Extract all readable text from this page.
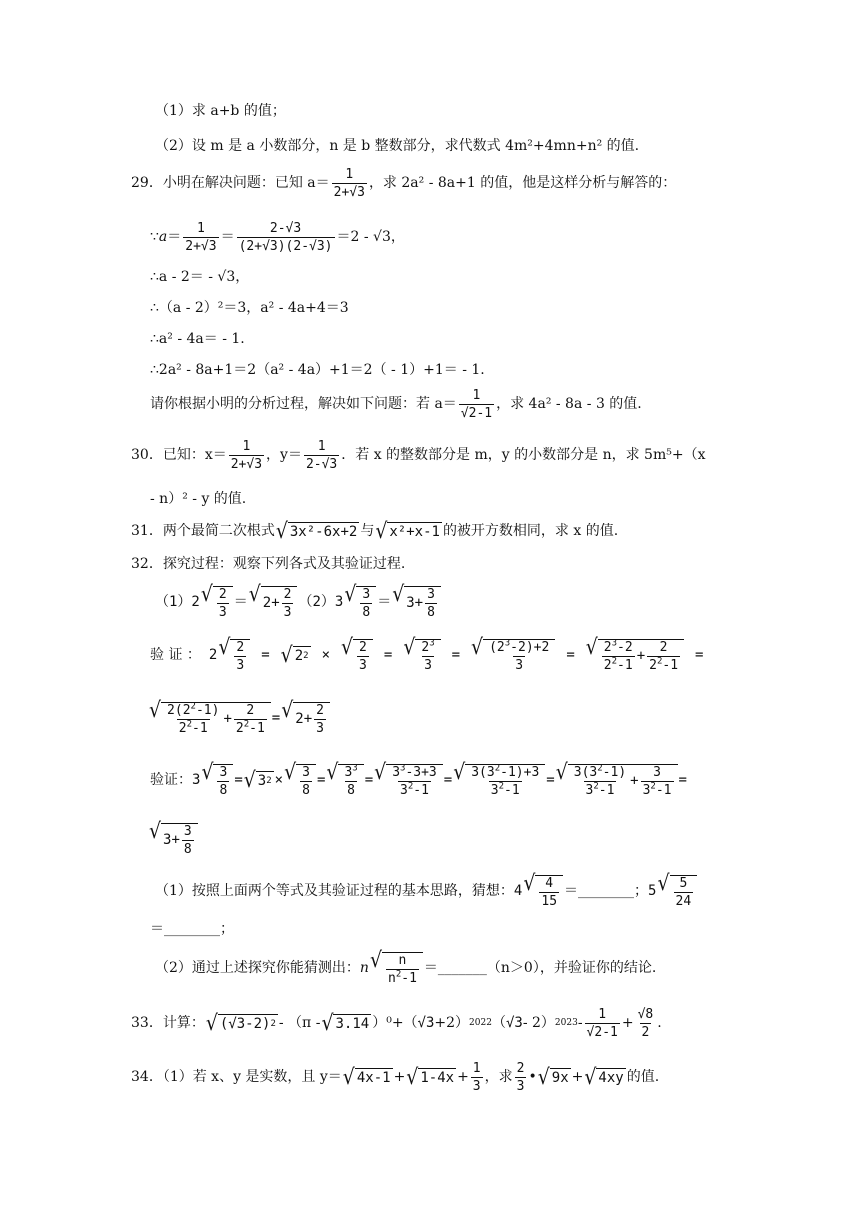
（1）求 a+b 的值；
（2）设 m 是 a 小数部分，n 是 b 整数部分，求代数式 4m²+4mn+n² 的值.
29．小明在解决问题：已知 $a= \frac{1}{2+√3}$ ，求 2a² - 8a+1 的值，他是这样分析与解答的：
∵a＝ $\frac{1}{2+√3} = \frac{2-√3}{(2+√3)(2-√3)} =2 - √3$，
∴a - 2＝ - √3，
∴（a - 2）²＝3，a² - 4a+4＝3
∴a² - 4a＝ - 1.
∴2a² - 8a+1＝2（a² - 4a）+1＝2（ - 1）+1＝ - 1.
请你根据小明的分析过程，解决如下问题：若 $a= \frac{1}{√2-1}$ ，求 4a² - 8a - 3 的值.
30．已知：$x= \frac{1}{2+√3}$ ，$y= \frac{1}{2-√3}$ ．若 x 的整数部分是 m，y 的小数部分是 n，求 5m⁵+（x
- n）² - y 的值.
31．两个最简二次根式 √ 3x²-6x+2 与 √ x²+x-1 的被开方数相同，求 x 的值.
32．探究过程：观察下列各式及其验证过程.
（1）2 √ $\frac{2}{3}$ ＝ √ $2+ \frac{2}{3} (2)3$ √ $\frac{3}{8}$ ＝ √ $3+ \frac{3}{8}$
验 证 ： 2 √ $\frac{2}{3}$ = √ 2 2 × √ $\frac{2}{3}$ = √ $\frac{2^3}{3}$ = √ $\frac{(2^3-2)+2}{3}$ = √ $\frac{2^3-2}{2^2-1} + \frac{2}{2^2-1}$ =
√ $\frac{2(2^2-1)}{2^2-1} + \frac{2}{2^2-1}$ = √ $2+ \frac{2}{3}$
验证： 3 √ $\frac{3}{8}$ = √ 3 2 × √ $\frac{3}{8}$ = √ $\frac{3^3}{8}$ = √ $\frac{3^3-3+3}{3^2-1}$ = √ $\frac{3(3^2-1)+3}{3^2-1}$ = √ $\frac{3(3^2-1)}{3^2-1} + \frac{3}{3^2-1}$ =
√ $3+ \frac{3}{8}$
（1）按照上面两个等式及其验证过程的基本思路，猜想： 4 √ $\frac{4}{15}$ ＝________； 5 √ $\frac{5}{24}$
＝________；
（2）通过上述探究你能猜测出： n √ $\frac{n}{n^2-1}$ ＝_______（n＞0），并验证你的结论.
33．计算： √ (√3-2) 2 - （π - √ 3.14 ）⁰+（ √3 +2） 2022 （ √3 - 2） $2023 - \frac{1}{√2-1} + \frac{√8}{2}$ .
34．（1）若 x、y 是实数，且 y＝ √ 4x-1 + √ $1-4x + \frac{1}{3}$ ，求 $\frac{2}{3}$ • √ 9x + √ 4xy 的值.
